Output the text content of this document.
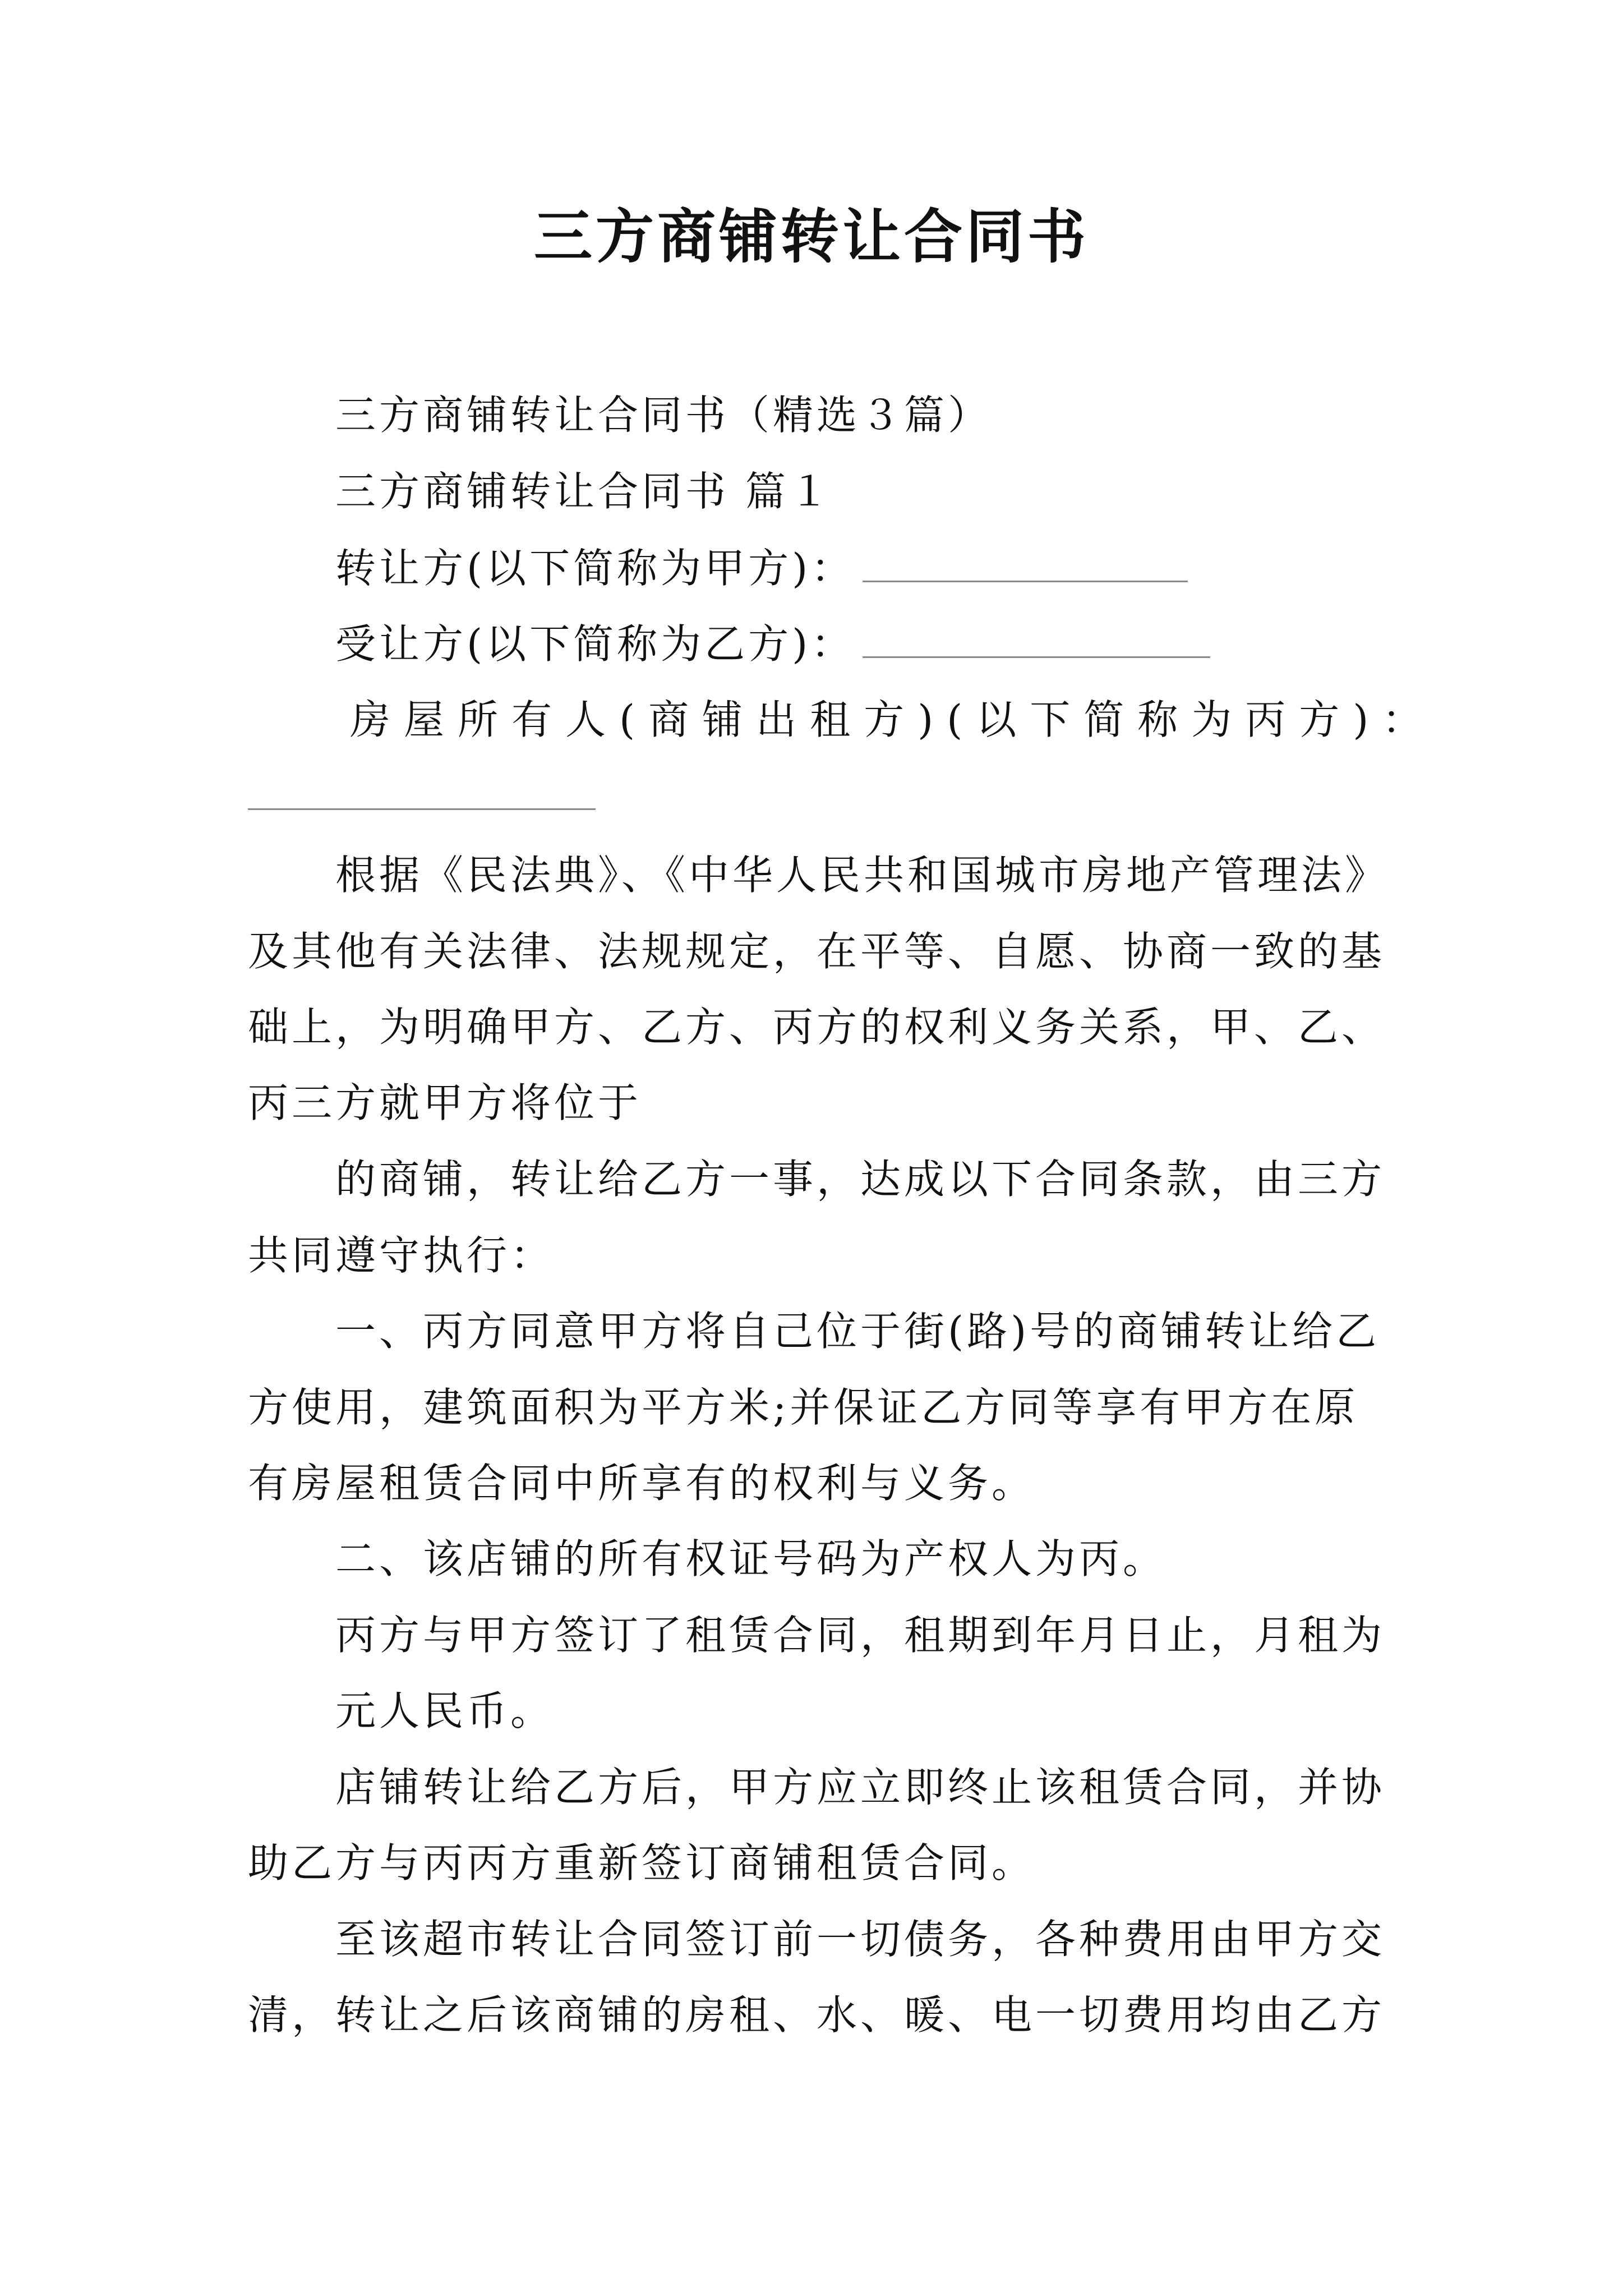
三方商铺转让合同书
三方商铺转让合同书（精选３篇）
三方商铺转让合同书 篇１
转让方(以下简称为甲方)：
受让方(以下简称为乙方)：
房屋所有人(商铺出租方)(以下简称为丙方)：
根据《民法典》、《中华人民共和国城市房地产管理法》
及其他有关法律、法规规定，在平等、自愿、协商一致的基
础上，为明确甲方、乙方、丙方的权利义务关系，甲、乙、
丙三方就甲方将位于
的商铺，转让给乙方一事，达成以下合同条款，由三方
共同遵守执行：
一、丙方同意甲方将自己位于街(路)号的商铺转让给乙
方使用，建筑面积为平方米;并保证乙方同等享有甲方在原
有房屋租赁合同中所享有的权利与义务。
二、该店铺的所有权证号码为产权人为丙。
丙方与甲方签订了租赁合同，租期到年月日止，月租为
元人民币。
店铺转让给乙方后，甲方应立即终止该租赁合同，并协
助乙方与丙丙方重新签订商铺租赁合同。
至该超市转让合同签订前一切债务，各种费用由甲方交
清，转让之后该商铺的房租、水、暖、电一切费用均由乙方
